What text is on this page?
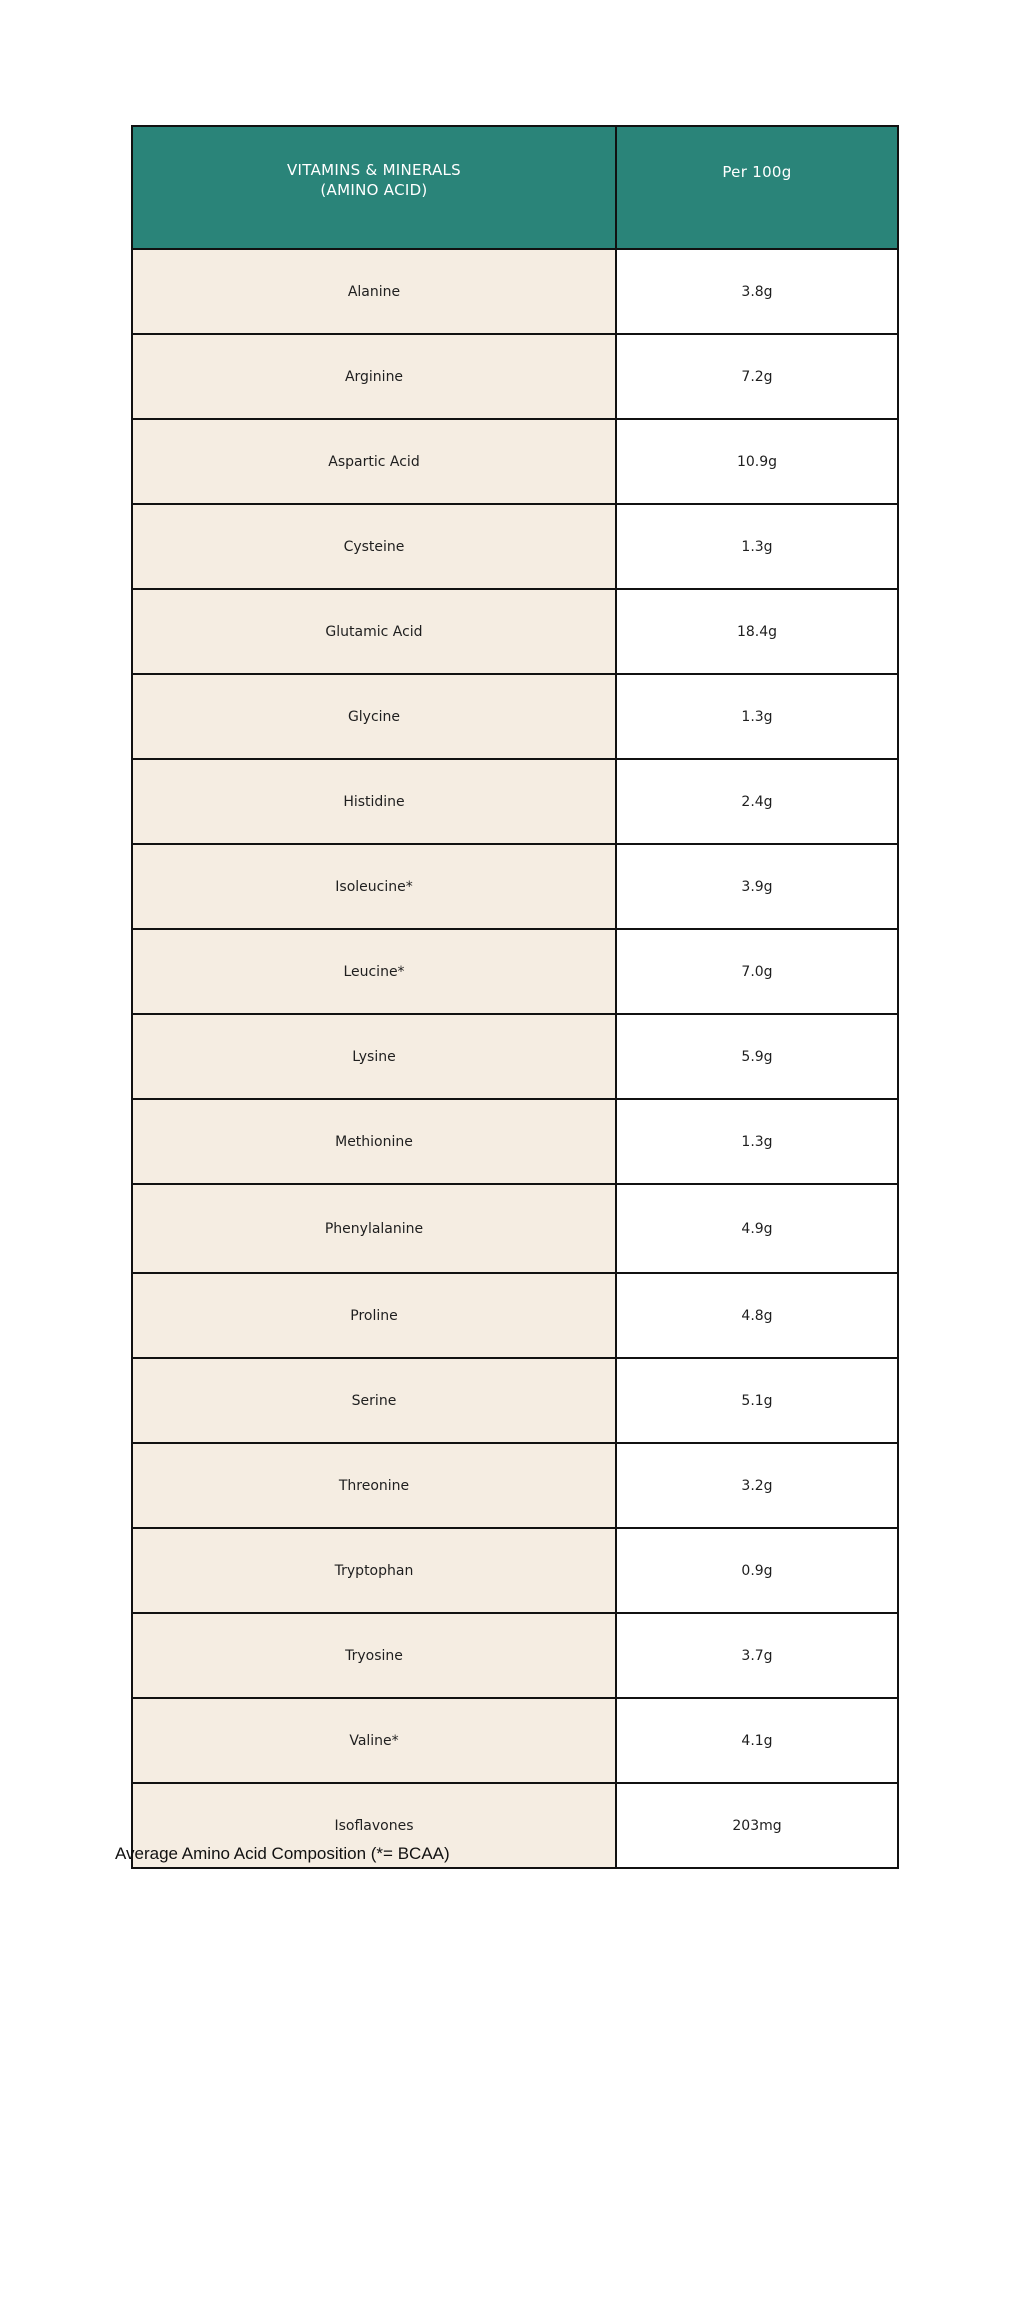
VITAMINS & MINERALS
(AMINO ACID)	Per 100g
Alanine	3.8g
Arginine	7.2g
Aspartic Acid	10.9g
Cysteine	1.3g
Glutamic Acid	18.4g
Glycine	1.3g
Histidine	2.4g
Isoleucine*	3.9g
Leucine*	7.0g
Lysine	5.9g
Methionine	1.3g
Phenylalanine	4.9g
Proline	4.8g
Serine	5.1g
Threonine	3.2g
Tryptophan	0.9g
Tryosine	3.7g
Valine*	4.1g
Isoflavones	203mg
Average Amino Acid Composition (*= BCAA)
